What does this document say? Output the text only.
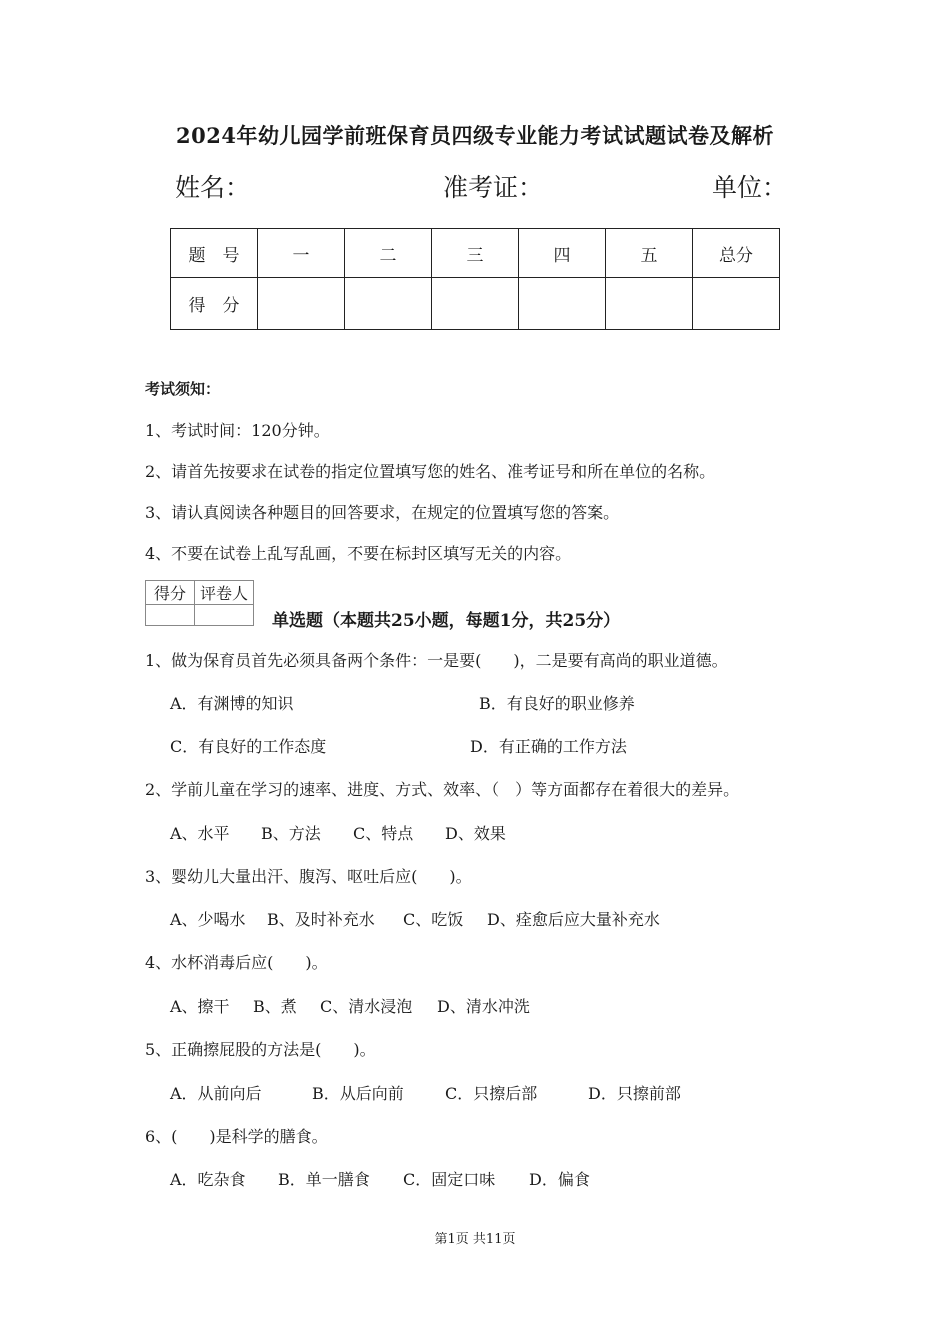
2024年幼儿园学前班保育员四级专业能力考试试题试卷及解析
姓名：	准考证：	单位：
题　号	一	二	三	四	五	总分
得　分						
考试须知：
1、考试时间：120分钟。
2、请首先按要求在试卷的指定位置填写您的姓名、准考证号和所在单位的名称。
3、请认真阅读各种题目的回答要求，在规定的位置填写您的答案。
4、不要在试卷上乱写乱画，不要在标封区填写无关的内容。
得分	评卷人

单选题（本题共25小题，每题1分，共25分）
1、做为保育员首先必须具备两个条件：一是要(　　)，二是要有高尚的职业道德。
A．有渊博的知识	B．有良好的职业修养
C．有良好的工作态度	D．有正确的工作方法
2、学前儿童在学习的速率、进度、方式、效率、（　）等方面都存在着很大的差异。
A、水平 B、方法 C、特点 D、效果
3、婴幼儿大量出汗、腹泻、呕吐后应(　　)。
A、少喝水 B、及时补充水 C、吃饭 D、痊愈后应大量补充水
4、水杯消毒后应(　　)。
A、擦干 B、煮 C、清水浸泡 D、清水冲洗
5、正确擦屁股的方法是(　　)。
A．从前向后	B．从后向前	C．只擦后部	D．只擦前部
6、(　　)是科学的膳食。
A．吃杂食 B．单一膳食 C．固定口味 D．偏食
第1页 共11页
